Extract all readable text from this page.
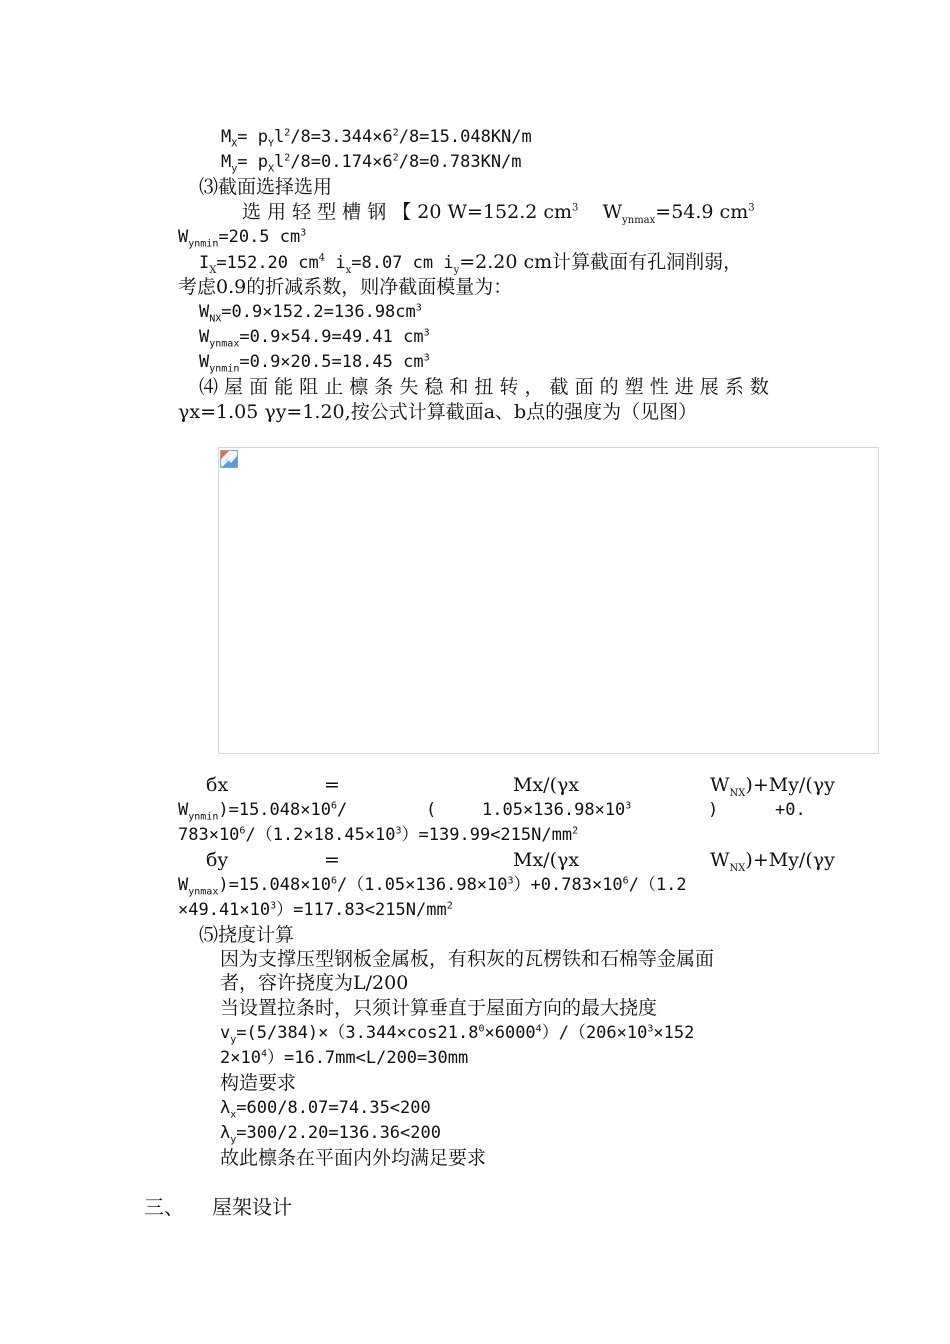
$M_X= p_Yl^2/8=3.344\times 6^2/8=15.048KN/m$
$M_y= p_Xl^2/8=0.174\times 6^2/8=0.783KN/m$
⑶截面选择选用
选 用 轻 型 槽 钢 【 20 W=152.2 $cm^3$    $W_{ynmax}=54.9$ $cm^3$
$W_{ynmin}=20.5$ $cm^3$
$I_X=152.20$ $cm^4$ $i_x=8.07$ cm $i_y=2.20$ cm计算截面有孔洞削弱，
考虑0.9的折减系数，则净截面模量为：
$W_{NX}=0.9\times 152.2=136.98cm^3$
$W_{ynmax}=0.9\times 54.9=49.41$ $cm^3$
$W_{ynmin}=0.9\times 20.5=18.45$ $cm^3$
⑷ 屋 面 能 阻 止 檩 条 失 稳 和 扭 转 ， 截 面 的 塑 性 进 展 系 数
γx=1.05 γy=1.20,按公式计算截面a、b点的强度为（见图）
бx	=	Mx/(γx	$W_{NX})+My/(\gamma y$
$W_{ynmin})=15.048\times 10^6/$	(	$1.05\times 136.98\times 10^3$	)	+0.
$783\times 10^6/(1.2\times 18.45\times 10^3)=139.99<215N/mm^2$
бy	=	Mx/(γx	$W_{NX})+My/(\gamma y$
$W_{ynmax})=15.048\times 10^6/(1.05\times 136.98\times 10^3)+0.783\times 10^6/(1.2$
$\times 49.41\times 10^3)=117.83<215N/mm^2$
⑸挠度计算
因为支撑压型钢板金属板，有积灰的瓦楞铁和石棉等金属面
者，容许挠度为L/200
当设置拉条时，只须计算垂直于屋面方向的最大挠度
$v_y=(5/384)\times(3.344\times\cos 21.8^0\times 6000^4)/(206\times 10^3\times 152$
$2\times 10^4)=16.7mm<L/200=30mm$
构造要求
$\lambda_x=600/8.07=74.35<200$
$\lambda_y=300/2.20=136.36<200$
故此檩条在平面内外均满足要求
三、 屋架设计
